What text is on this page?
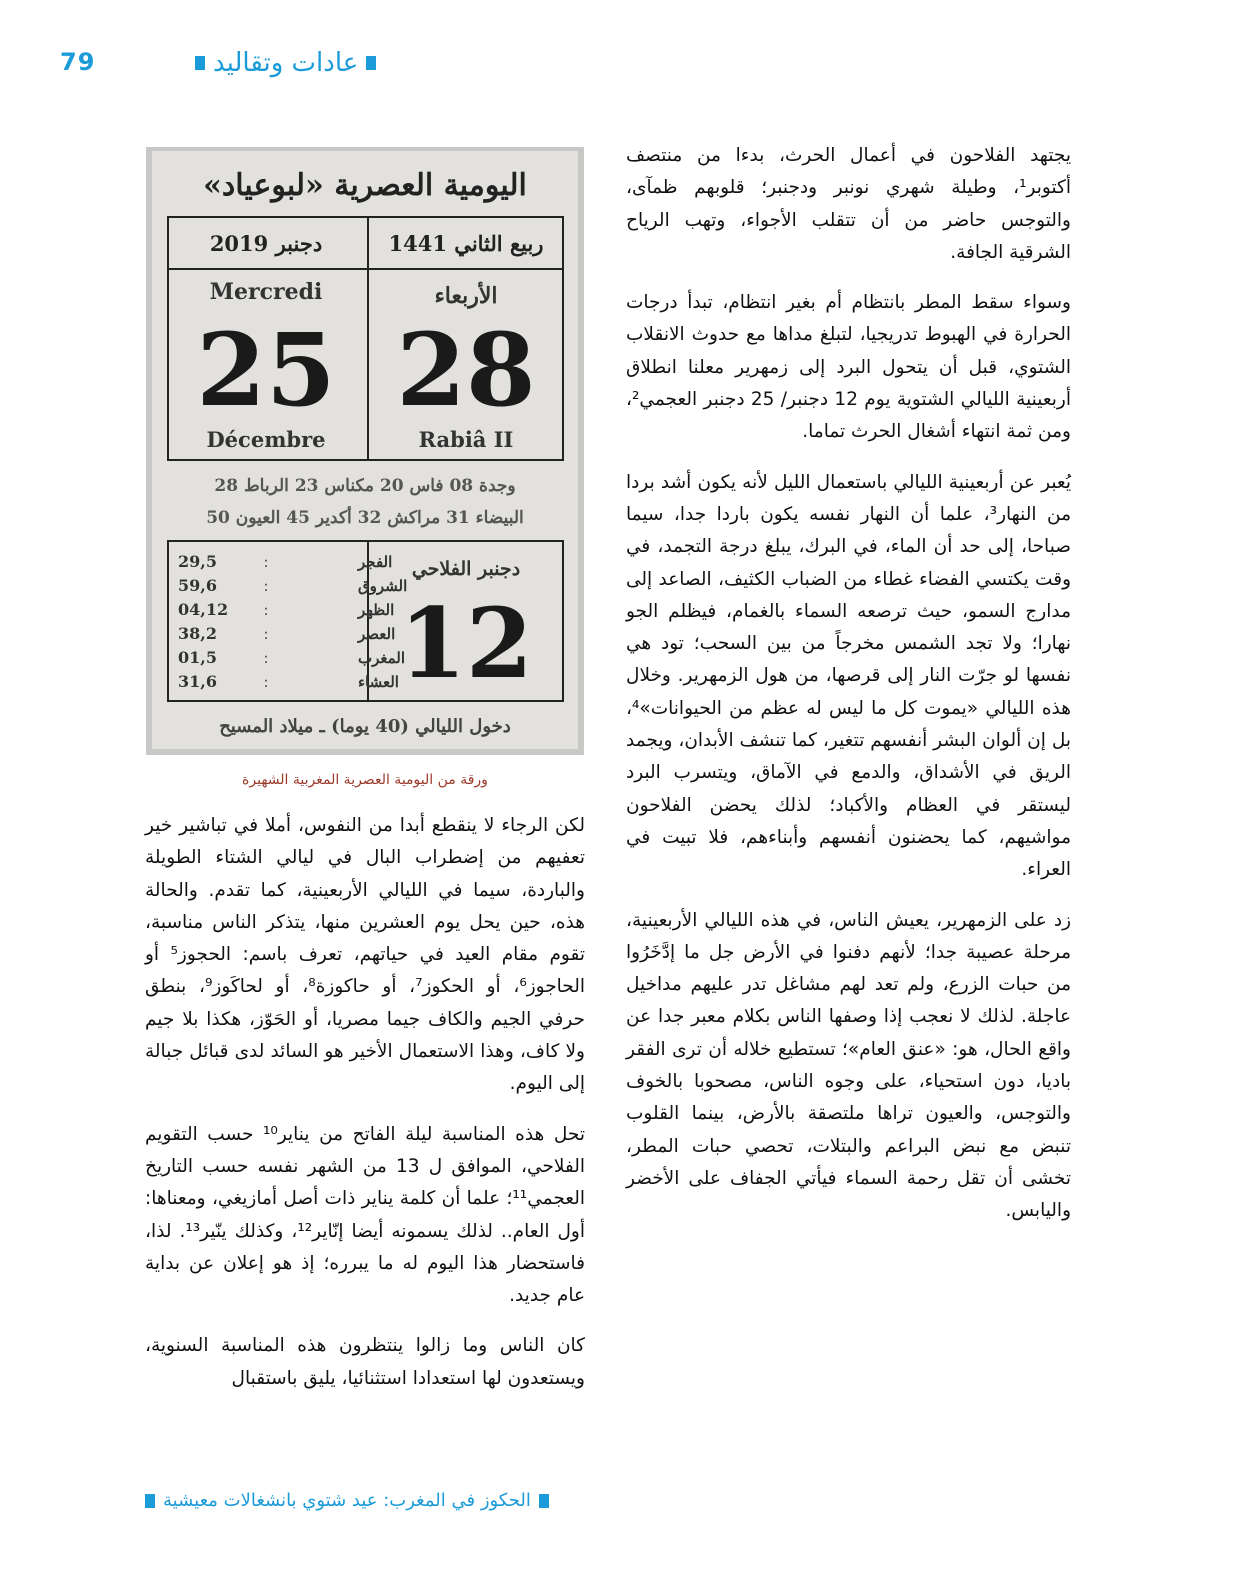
79	عادات وتقاليد
اليومية العصرية «لبوعياد»
ربيع الثاني 1441
دجنبر 2019
الأربعاء
Mercredi
28
25
Rabiâ II
Décembre
وجدة 08 فاس 20 مكناس 23 الرباط 28
البيضاء 31 مراكش 32 أكدير 45 العيون 50
دجنبر الفلاحي
12
الفجر
:
29,5
الشروق
:
59,6
الظهر
:
04,12
العصر
:
38,2
المغرب
:
01,5
العشاء
:
31,6
دخول الليالي (40 يوما) ـ ميلاد المسيح
ورقة من اليومية العصرية المغربية الشهيرة

يجتهد الفلاحون في أعمال الحرث، بدءا من منتصف أكتوبر¹، وطيلة شهري نونبر ودجنبر؛ قلوبهم ظمآى، والتوجس حاضر من أن تتقلب الأجواء، وتهب الرياح الشرقية الجافة.

وسواء سقط المطر بانتظام أم بغير انتظام، تبدأ درجات الحرارة في الهبوط تدريجيا، لتبلغ مداها مع حدوث الانقلاب الشتوي، قبل أن يتحول البرد إلى زمهرير معلنا انطلاق أربعينية الليالي الشتوية يوم 12 دجنبر/ 25 دجنبر العجمي²، ومن ثمة انتهاء أشغال الحرث تماما.

يُعبر عن أربعينية الليالي باستعمال الليل لأنه يكون أشد بردا من النهار³، علما أن النهار نفسه يكون باردا جدا، سيما صباحا، إلى حد أن الماء، في البرك، يبلغ درجة التجمد، في وقت يكتسي الفضاء غطاء من الضباب الكثيف، الصاعد إلى مدارج السمو، حيث ترصعه السماء بالغمام، فيظلم الجو نهارا؛ ولا تجد الشمس مخرجاً من بين السحب؛ تود هي نفسها لو جرّت النار إلى قرصها، من هول الزمهرير. وخلال هذه الليالي «يموت كل ما ليس له عظم من الحيوانات»⁴، بل إن ألوان البشر أنفسهم تتغير، كما تنشف الأبدان، ويجمد الريق في الأشداق، والدمع في الآماق، ويتسرب البرد ليستقر في العظام والأكباد؛ لذلك يحضن الفلاحون مواشيهم، كما يحضنون أنفسهم وأبناءهم، فلا تبيت في العراء.

زد على الزمهرير، يعيش الناس، في هذه الليالي الأربعينية، مرحلة عصيبة جدا؛ لأنهم دفنوا في الأرض جل ما إدَّخَرُوا من حبات الزرع، ولم تعد لهم مشاغل تدر عليهم مداخيل عاجلة. لذلك لا نعجب إذا وصفها الناس بكلام معبر جدا عن واقع الحال، هو: «عنق العام»؛ تستطيع خلاله أن ترى الفقر باديا، دون استحياء، على وجوه الناس، مصحوبا بالخوف والتوجس، والعيون تراها ملتصقة بالأرض، بينما القلوب تنبض مع نبض البراعم والبتلات، تحصي حبات المطر، تخشى أن تقل رحمة السماء فيأتي الجفاف على الأخضر واليابس.

لكن الرجاء لا ينقطع أبدا من النفوس، أملا في تباشير خير تعفيهم من إضطراب البال في ليالي الشتاء الطويلة والباردة، سيما في الليالي الأربعينية، كما تقدم. والحالة هذه، حين يحل يوم العشرين منها، يتذكر الناس مناسبة، تقوم مقام العيد في حياتهم، تعرف باسم: الحجوز⁵ أو الحاجوز⁶، أو الحكوز⁷، أو حاكوزة⁸، أو لحاكَوز⁹، بنطق حرفي الجيم والكاف جيما مصريا، أو الحَوّز، هكذا بلا جيم ولا كاف، وهذا الاستعمال الأخير هو السائد لدى قبائل جبالة إلى اليوم.

تحل هذه المناسبة ليلة الفاتح من يناير¹⁰ حسب التقويم الفلاحي، الموافق ل 13 من الشهر نفسه حسب التاريخ العجمي¹¹؛ علما أن كلمة يناير ذات أصل أمازيغي، ومعناها: أول العام.. لذلك يسمونه أيضا إنّاير¹²، وكذلك ينّير¹³. لذا، فاستحضار هذا اليوم له ما يبرره؛ إذ هو إعلان عن بداية عام جديد.

كان الناس وما زالوا ينتظرون هذه المناسبة السنوية، ويستعدون لها استعدادا استثنائيا، يليق باستقبال

الحكوز في المغرب: عيد شتوي بانشغالات معيشية
